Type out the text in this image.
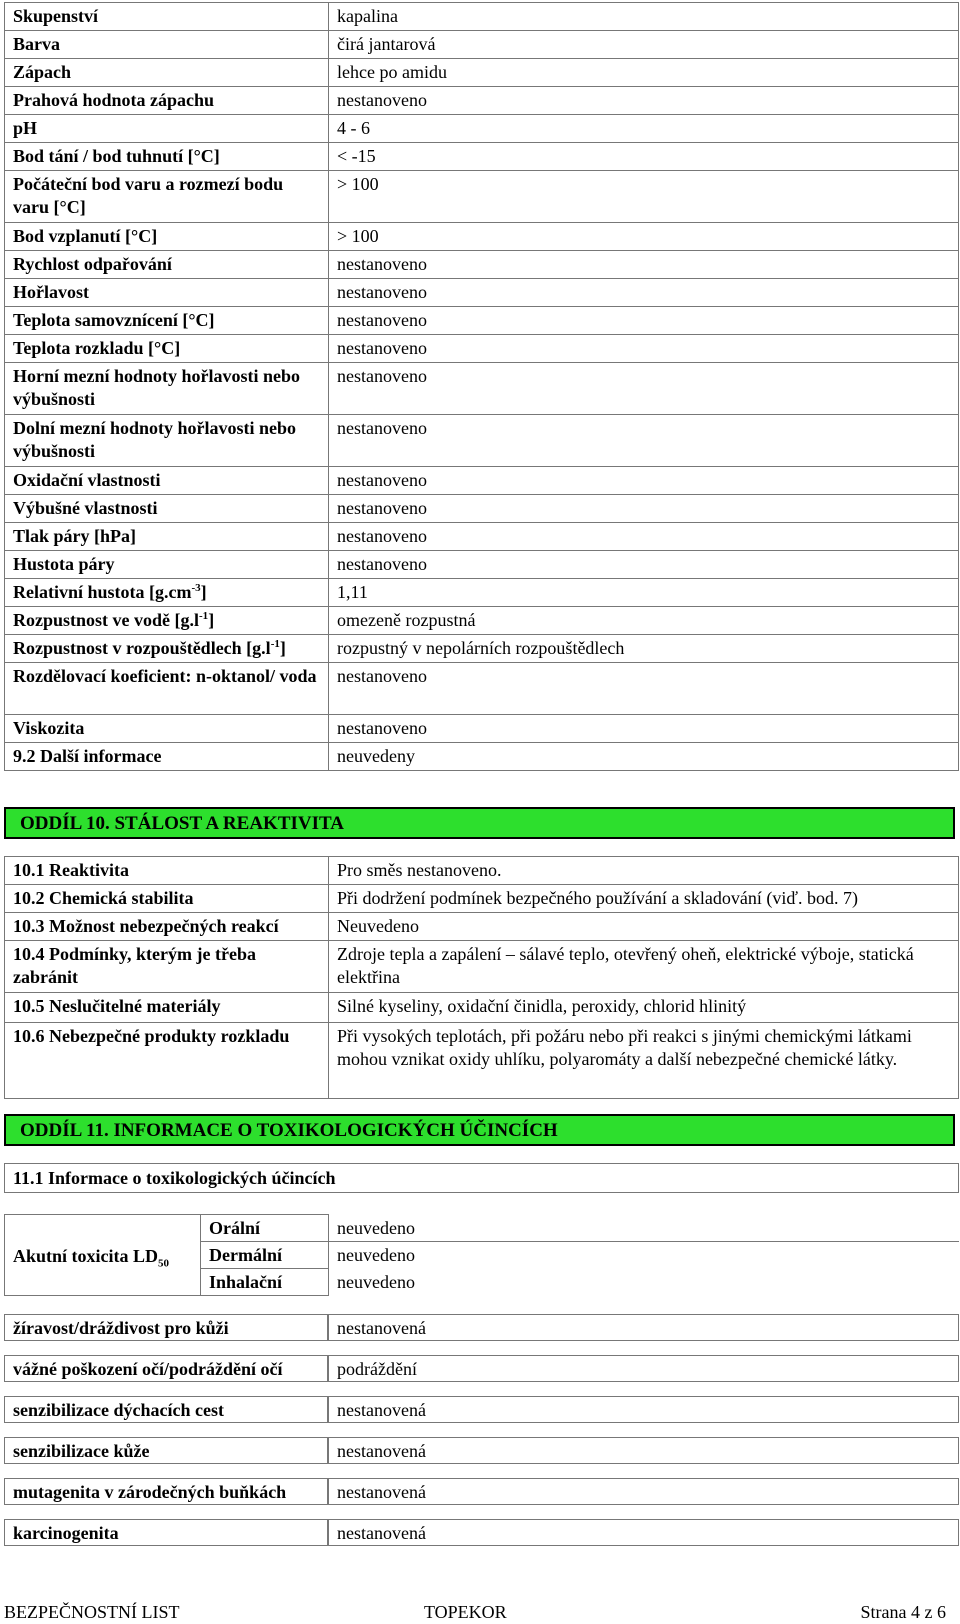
Skupenství	kapalina
Barva	čirá jantarová
Zápach	lehce po amidu
Prahová hodnota zápachu	nestanoveno
pH	4 - 6
Bod tání / bod tuhnutí [°C]	< -15
Počáteční bod varu a rozmezí bodu varu [°C]	> 100
Bod vzplanutí [°C]	> 100
Rychlost odpařování	nestanoveno
Hořlavost	nestanoveno
Teplota samovznícení [°C]	nestanoveno
Teplota rozkladu [°C]	nestanoveno
Horní mezní hodnoty hořlavosti nebo výbušnosti	nestanoveno
Dolní mezní hodnoty hořlavosti nebo výbušnosti	nestanoveno
Oxidační vlastnosti	nestanoveno
Výbušné vlastnosti	nestanoveno
Tlak páry [hPa]	nestanoveno
Hustota páry	nestanoveno
Relativní hustota $[g.cm^{-3}]$	1,11
Rozpustnost ve vodě $[g.l^{-1}]$	omezeně rozpustná
Rozpustnost v rozpouštědlech $[g.l^{-1}]$	rozpustný v nepolárních rozpouštědlech
Rozdělovací koeficient: n-oktanol/ voda	nestanoveno
Viskozita	nestanoveno
9.2 Další informace	neuvedeny
ODDÍL 10. STÁLOST A REAKTIVITA
10.1 Reaktivita	Pro směs nestanoveno.
10.2 Chemická stabilita	Při dodržení podmínek bezpečného používání a skladování (viď. bod. 7)
10.3 Možnost nebezpečných reakcí	Neuvedeno
10.4 Podmínky, kterým je třeba zabránit	Zdroje tepla a zapálení – sálavé teplo, otevřený oheň, elektrické výboje, statická elektřina
10.5 Neslučitelné materiály	Silné kyseliny, oxidační činidla, peroxidy, chlorid hlinitý
10.6 Nebezpečné produkty rozkladu	Při vysokých teplotách, při požáru nebo při reakci s jinými chemickými látkami mohou vznikat oxidy uhlíku, polyaromáty a další nebezpečné chemické látky.
ODDÍL 11. INFORMACE O TOXIKOLOGICKÝCH ÚČINCÍCH
11.1 Informace o toxikologických účincích
Akutní toxicita $LD_{50}$	Orální	neuvedeno
	Dermální	neuvedeno
	Inhalační	neuvedeno
žíravost/dráždivost pro kůži	nestanovená
vážné poškození očí/podráždění očí	podráždění
senzibilizace dýchacích cest	nestanovená
senzibilizace kůže	nestanovená
mutagenita v zárodečných buňkách	nestanovená
karcinogenita	nestanovená
BEZPEČNOSTNÍ LIST	TOPEKOR	Strana 4 z 6
